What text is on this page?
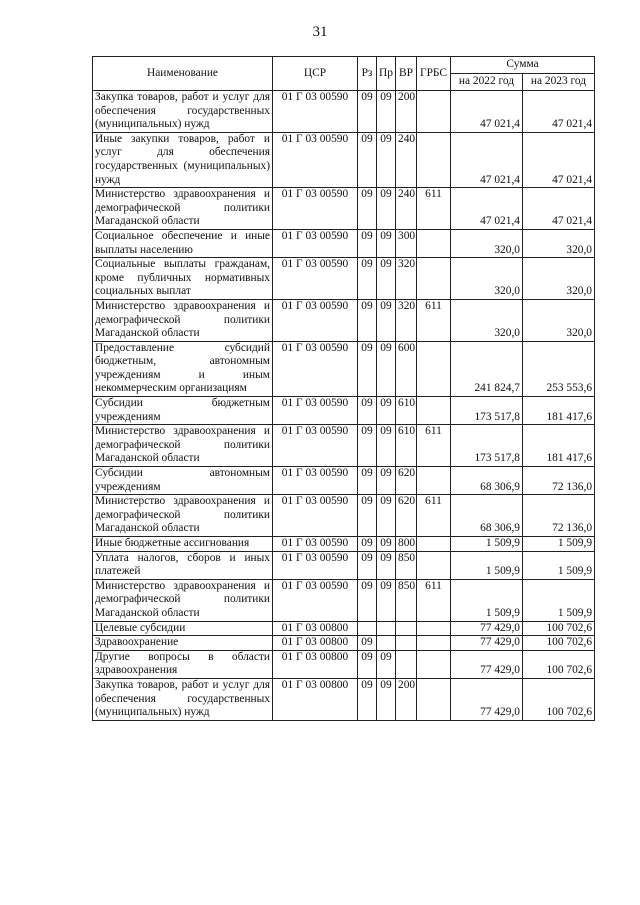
31
Наименование	ЦСР	Рз	Пр	ВР	ГРБС	Сумма	
						на 2022 год	на 2023 год
Закупка товаров, работ и услуг для обеспечения государственных (муниципальных) нужд	01 Г 03 00590	09	09	200		47 021,4	47 021,4
Иные закупки товаров, работ и услуг для обеспечения государственных (муниципальных) нужд	01 Г 03 00590	09	09	240		47 021,4	47 021,4
Министерство здравоохранения и демографической политики Магаданской области	01 Г 03 00590	09	09	240	611	47 021,4	47 021,4
Социальное обеспечение и иные выплаты населению	01 Г 03 00590	09	09	300		320,0	320,0
Социальные выплаты гражданам, кроме публичных нормативных социальных выплат	01 Г 03 00590	09	09	320		320,0	320,0
Министерство здравоохранения и демографической политики Магаданской области	01 Г 03 00590	09	09	320	611	320,0	320,0
Предоставление субсидий бюджетным, автономным учреждениям и иным некоммерческим организациям	01 Г 03 00590	09	09	600		241 824,7	253 553,6
Субсидии бюджетным учреждениям	01 Г 03 00590	09	09	610		173 517,8	181 417,6
Министерство здравоохранения и демографической политики Магаданской области	01 Г 03 00590	09	09	610	611	173 517,8	181 417,6
Субсидии автономным учреждениям	01 Г 03 00590	09	09	620		68 306,9	72 136,0
Министерство здравоохранения и демографической политики Магаданской области	01 Г 03 00590	09	09	620	611	68 306,9	72 136,0
Иные бюджетные ассигнования	01 Г 03 00590	09	09	800		1 509,9	1 509,9
Уплата налогов, сборов и иных платежей	01 Г 03 00590	09	09	850		1 509,9	1 509,9
Министерство здравоохранения и демографической политики Магаданской области	01 Г 03 00590	09	09	850	611	1 509,9	1 509,9
Целевые субсидии	01 Г 03 00800					77 429,0	100 702,6
Здравоохранение	01 Г 03 00800	09				77 429,0	100 702,6
Другие вопросы в области здравоохранения	01 Г 03 00800	09	09			77 429,0	100 702,6
Закупка товаров, работ и услуг для обеспечения государственных (муниципальных) нужд	01 Г 03 00800	09	09	200		77 429,0	100 702,6
